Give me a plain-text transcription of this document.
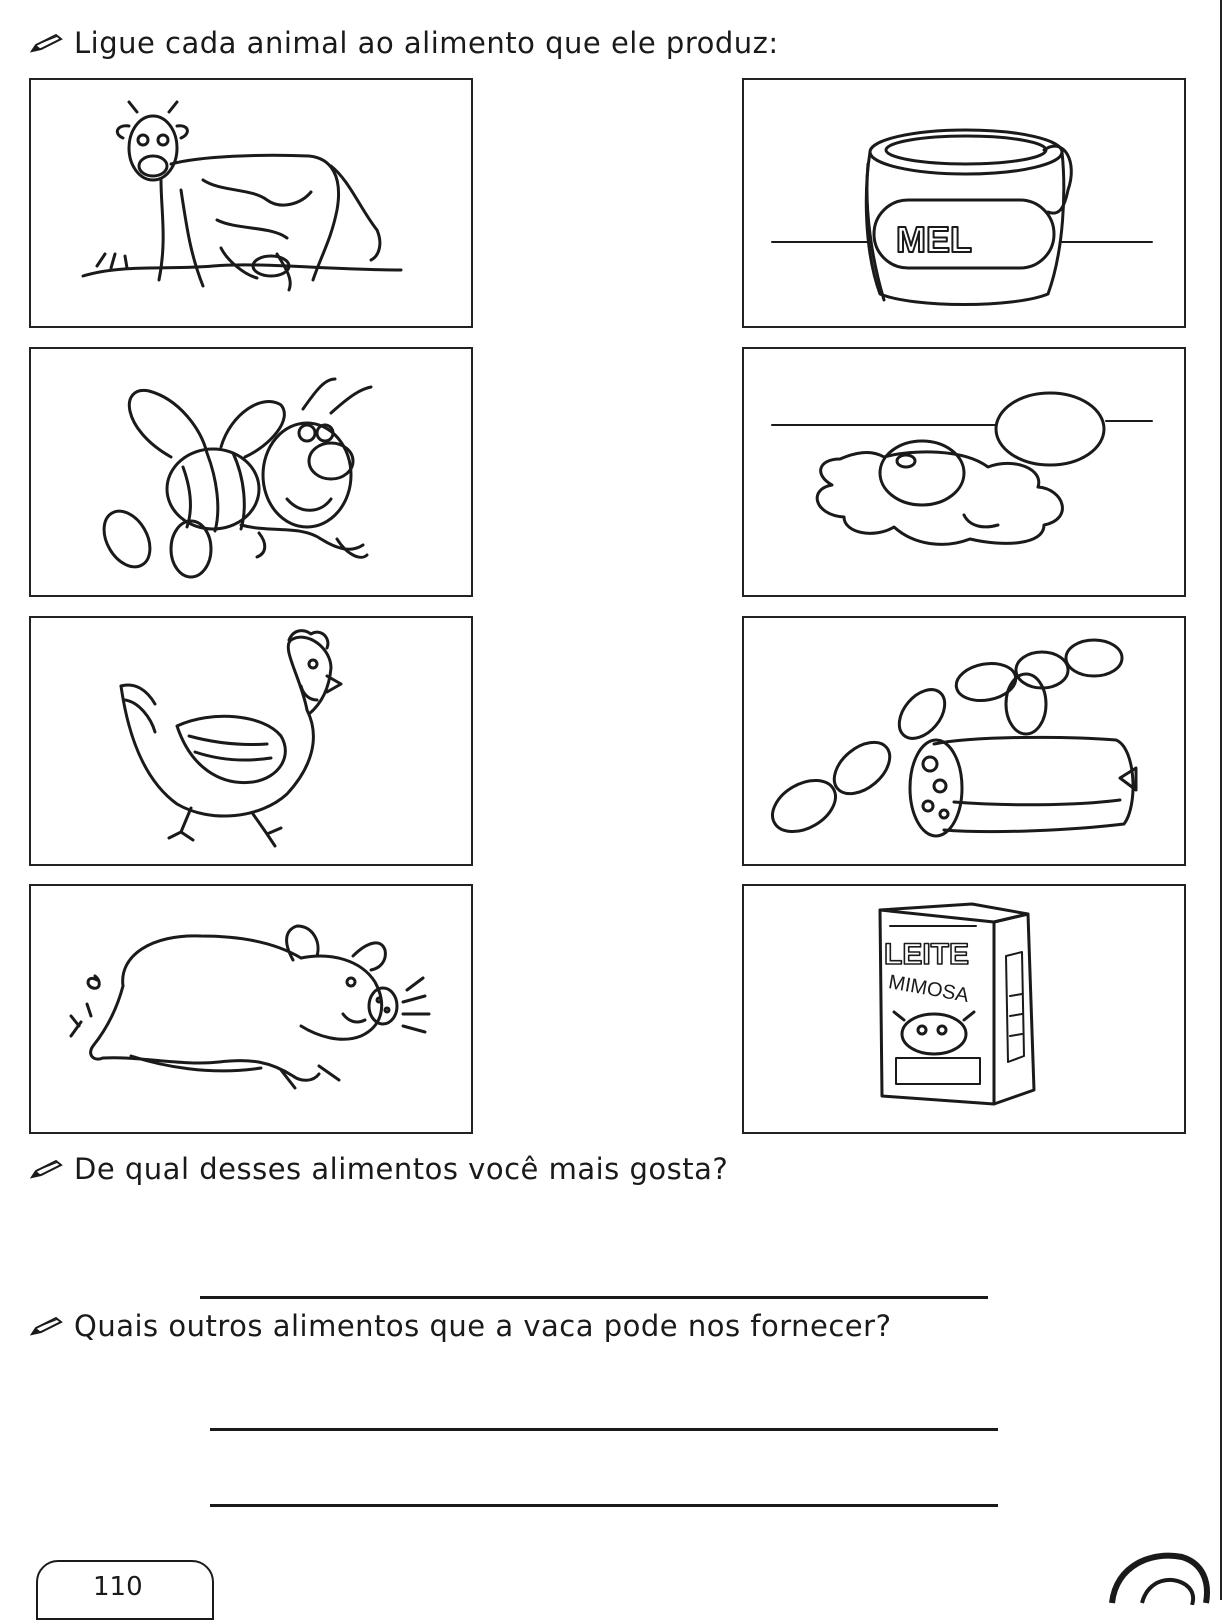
Ligue cada animal ao alimento que ele produz:
MEL
LEITE
MIMOSA
De qual desses alimentos você mais gosta?
Quais outros alimentos que a vaca pode nos fornecer?
110
